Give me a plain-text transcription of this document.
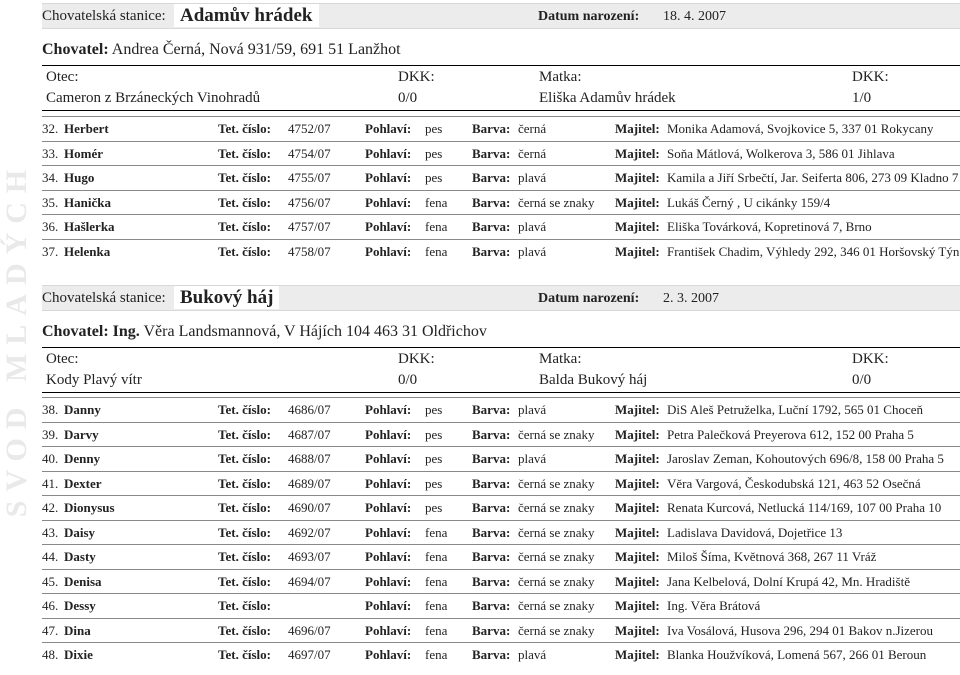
SVOD MLADÝCH
Chovatelská stanice: Adamův hrádek	Datum narození: 18. 4. 2007
Chovatel: Andrea Černá, Nová 931/59, 691 51 Lanžhot
Otec:	DKK:	Matka:	DKK:
Cameron z Brzáneckých Vinohradů	0/0	Eliška Adamův hrádek	1/0
32. Herbert	Tet. číslo: 4752/07	Pohlaví: pes Barva: černá	Majitel: Monika Adamová, Svojkovice 5, 337 01 Rokycany
33. Homér	Tet. číslo: 4754/07	Pohlaví: pes Barva: černá	Majitel: Soňa Mátlová, Wolkerova 3, 586 01 Jihlava
34. Hugo	Tet. číslo: 4755/07	Pohlaví: pes Barva: plavá	Majitel: Kamila a Jiří Srbečtí, Jar. Seiferta 806, 273 09 Kladno 7
35. Hanička	Tet. číslo: 4756/07	Pohlaví: fena Barva: černá se znaky Majitel: Lukáš Černý , U cikánky 159/4
36. Hašlerka	Tet. číslo: 4757/07	Pohlaví: fena Barva: plavá	Majitel: Eliška Továrková, Kopretinová 7, Brno
37. Helenka	Tet. číslo: 4758/07	Pohlaví: fena Barva: plavá	Majitel: František Chadim, Výhledy 292, 346 01 Horšovský Týn
Chovatelská stanice: Bukový háj	Datum narození: 2. 3. 2007
Chovatel: Ing. Věra Landsmannová, V Hájích 104 463 31 Oldřichov
Otec:	DKK:	Matka:	DKK:
Kody Plavý vítr	0/0	Balda Bukový háj	0/0
38. Danny	Tet. číslo: 4686/07	Pohlaví: pes Barva: plavá	Majitel: DiS Aleš Petruželka, Luční 1792, 565 01 Choceň
39. Darvy	Tet. číslo: 4687/07	Pohlaví: pes Barva: černá se znaky Majitel: Petra Palečková Preyerova 612, 152 00 Praha 5
40. Denny	Tet. číslo: 4688/07	Pohlaví: pes Barva: plavá	Majitel: Jaroslav Zeman, Kohoutových 696/8, 158 00 Praha 5
41. Dexter	Tet. číslo: 4689/07	Pohlaví: pes Barva: černá se znaky Majitel: Věra Vargová, Českodubská 121, 463 52 Osečná
42. Dionysus	Tet. číslo: 4690/07	Pohlaví: pes Barva: černá se znaky Majitel: Renata Kurcová, Netlucká 114/169, 107 00 Praha 10
43. Daisy	Tet. číslo: 4692/07	Pohlaví: fena Barva: černá se znaky Majitel: Ladislava Davidová, Dojetřice 13
44. Dasty	Tet. číslo: 4693/07	Pohlaví: fena Barva: černá se znaky Majitel: Miloš Šíma, Květnová 368, 267 11 Vráž
45. Denisa	Tet. číslo: 4694/07	Pohlaví: fena Barva: černá se znaky Majitel: Jana Kelbelová, Dolní Krupá 42, Mn. Hradiště
46. Dessy	Tet. číslo:	Pohlaví: fena Barva: černá se znaky Majitel: Ing. Věra Brátová
47. Dina	Tet. číslo: 4696/07	Pohlaví: fena Barva: černá se znaky Majitel: Iva Vosálová, Husova 296, 294 01 Bakov n.Jizerou
48. Dixie	Tet. číslo: 4697/07	Pohlaví: fena Barva: plavá	Majitel: Blanka Houžvíková, Lomená 567, 266 01 Beroun
